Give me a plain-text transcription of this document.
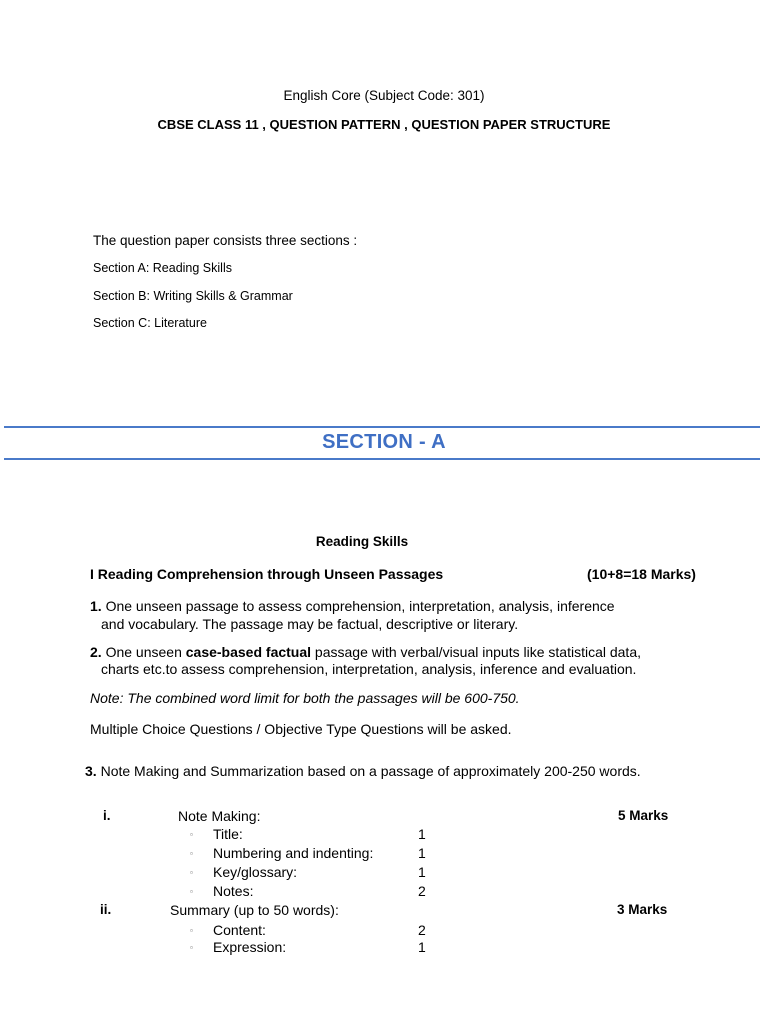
English Core (Subject Code: 301)
CBSE CLASS 11 , QUESTION PATTERN , QUESTION PAPER STRUCTURE
The question paper consists three sections :
Section A: Reading Skills
Section B: Writing Skills & Grammar
Section C: Literature
SECTION - A
Reading Skills
I Reading Comprehension through Unseen Passages	(10+8=18 Marks)
1. One unseen passage to assess comprehension, interpretation, analysis, inference
and vocabulary. The passage may be factual, descriptive or literary.
2. One unseen case-based factual passage with verbal/visual inputs like statistical data,
charts etc.to assess comprehension, interpretation, analysis, inference and evaluation.
Note: The combined word limit for both the passages will be 600-750.
Multiple Choice Questions / Objective Type Questions will be asked.
3. Note Making and Summarization based on a passage of approximately 200-250 words.
i.	Note Making:	5 Marks
▫ Title:	1
▫ Numbering and indenting:	1
▫ Key/glossary:	1
▫ Notes:	2
ii.	Summary (up to 50 words):	3 Marks
▫ Content:	2
▫ Expression:	1
